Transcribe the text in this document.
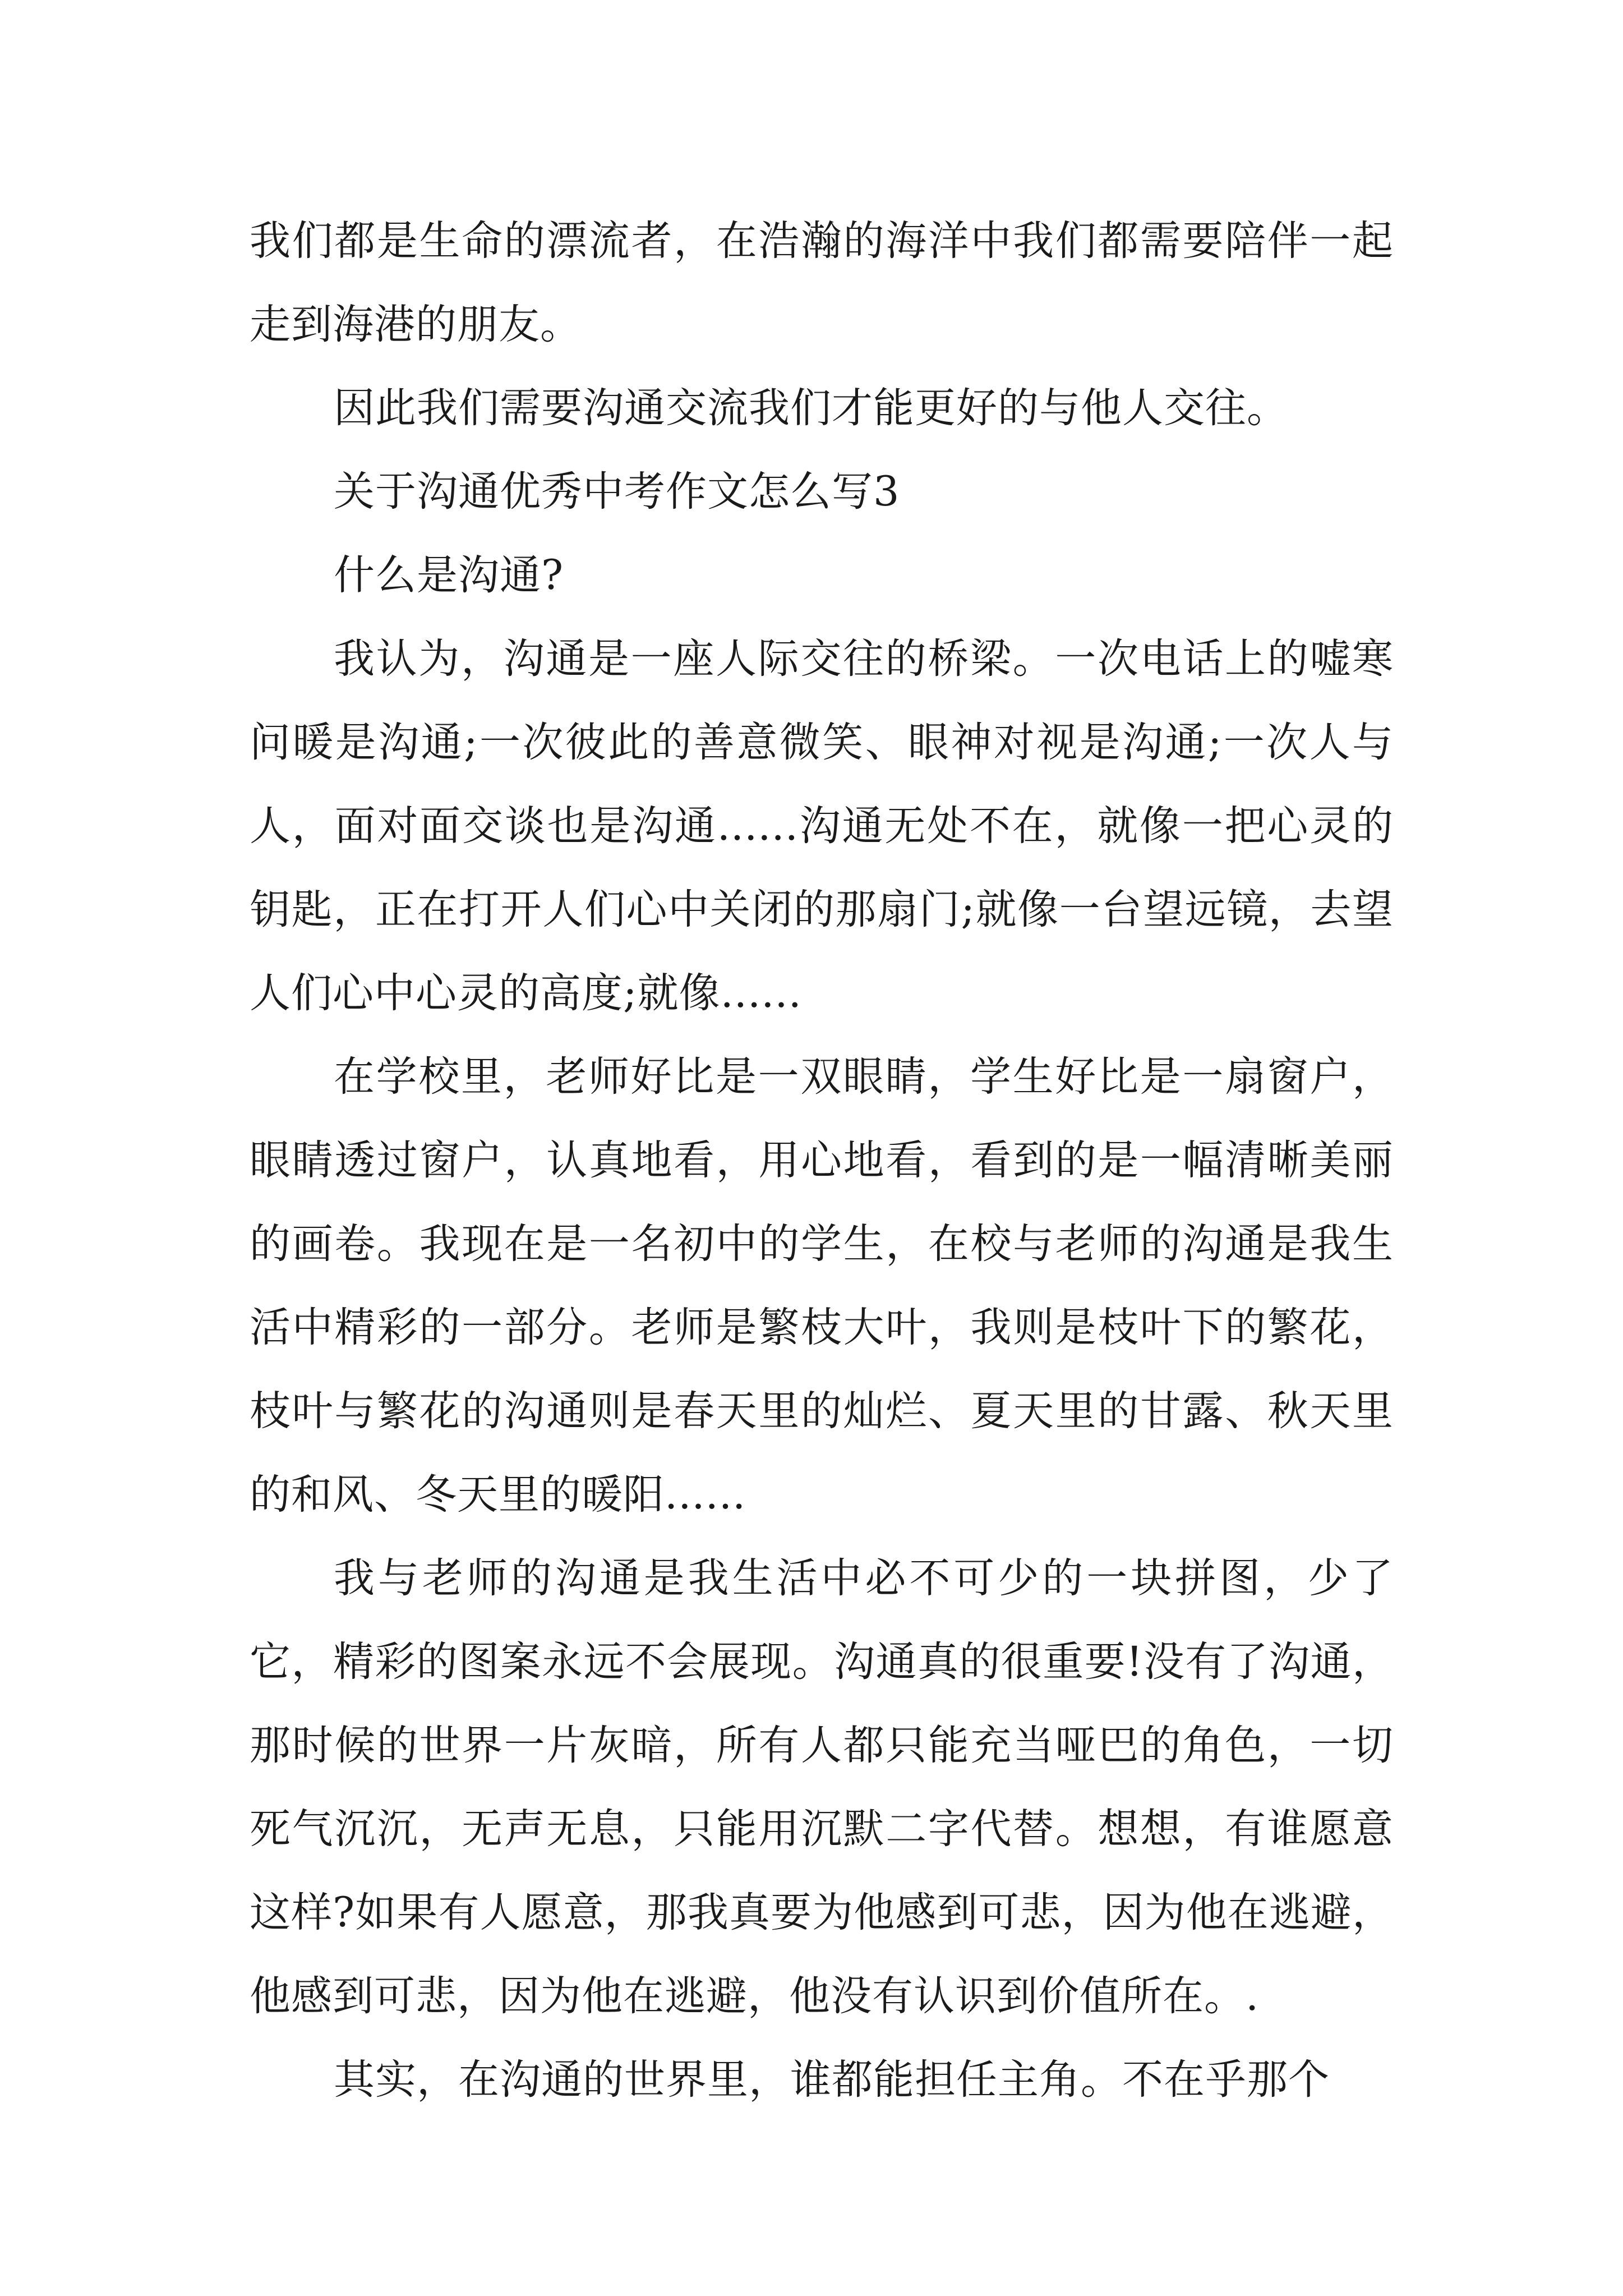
我们都是生命的漂流者，在浩瀚的海洋中我们都需要陪伴一起走到海港的朋友。

因此我们需要沟通交流我们才能更好的与他人交往。

关于沟通优秀中考作文怎么写3

什么是沟通?

我认为，沟通是一座人际交往的桥梁。一次电话上的嘘寒问暖是沟通;一次彼此的善意微笑、眼神对视是沟通;一次人与人，面对面交谈也是沟通......沟通无处不在，就像一把心灵的钥匙，正在打开人们心中关闭的那扇门;就像一台望远镜，去望人们心中心灵的高度;就像......

在学校里，老师好比是一双眼睛，学生好比是一扇窗户，眼睛透过窗户，认真地看，用心地看，看到的是一幅清晰美丽的画卷。我现在是一名初中的学生，在校与老师的沟通是我生活中精彩的一部分。老师是繁枝大叶，我则是枝叶下的繁花，枝叶与繁花的沟通则是春天里的灿烂、夏天里的甘露、秋天里的和风、冬天里的暖阳......

我与老师的沟通是我生活中必不可少的一块拼图，少了它，精彩的图案永远不会展现。沟通真的很重要!没有了沟通，那时候的世界一片灰暗，所有人都只能充当哑巴的角色，一切死气沉沉，无声无息，只能用沉默二字代替。想想，有谁愿意这样?如果有人愿意，那我真要为他感到可悲，因为他在逃避，他感到可悲，因为他在逃避，他没有认识到价值所在。.

其实，在沟通的世界里，谁都能担任主角。不在乎那个
